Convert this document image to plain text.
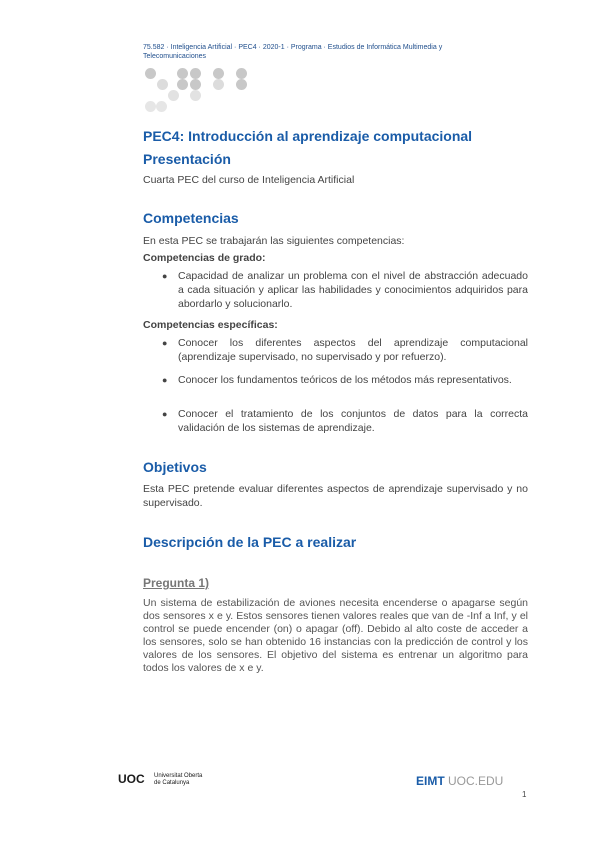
75.582 · Inteligencia Artificial · PEC4 · 2020-1 · Programa · Estudios de Informática Multimedia y
Telecomunicaciones
PEC4: Introducción al aprendizaje computacional
Presentación
Cuarta PEC del curso de Inteligencia Artificial
Competencias
En esta PEC se trabajarán las siguientes competencias:
Competencias de grado:
● Capacidad de analizar un problema con el nivel de abstracción adecuado a cada situación y aplicar las habilidades y conocimientos adquiridos para abordarlo y solucionarlo.
Competencias específicas:
● Conocer los diferentes aspectos del aprendizaje computacional (aprendizaje supervisado, no supervisado y por refuerzo).
● Conocer los fundamentos teóricos de los métodos más representativos.
● Conocer el tratamiento de los conjuntos de datos para la correcta validación de los sistemas de aprendizaje.
Objetivos
Esta PEC pretende evaluar diferentes aspectos de aprendizaje supervisado y no supervisado.
Descripción de la PEC a realizar
Pregunta 1)
Un sistema de estabilización de aviones necesita encenderse o apagarse según dos sensores x e y. Estos sensores tienen valores reales que van de -Inf a Inf, y el control se puede encender (on) o apagar (off). Debido al alto coste de acceder a los sensores, solo se han obtenido 16 instancias con la predicción de control y los valores de los sensores. El objetivo del sistema es entrenar un algoritmo para todos los valores de x e y.
UOC Universitat Oberta
de Catalunya	EIMT UOC.EDU
1
